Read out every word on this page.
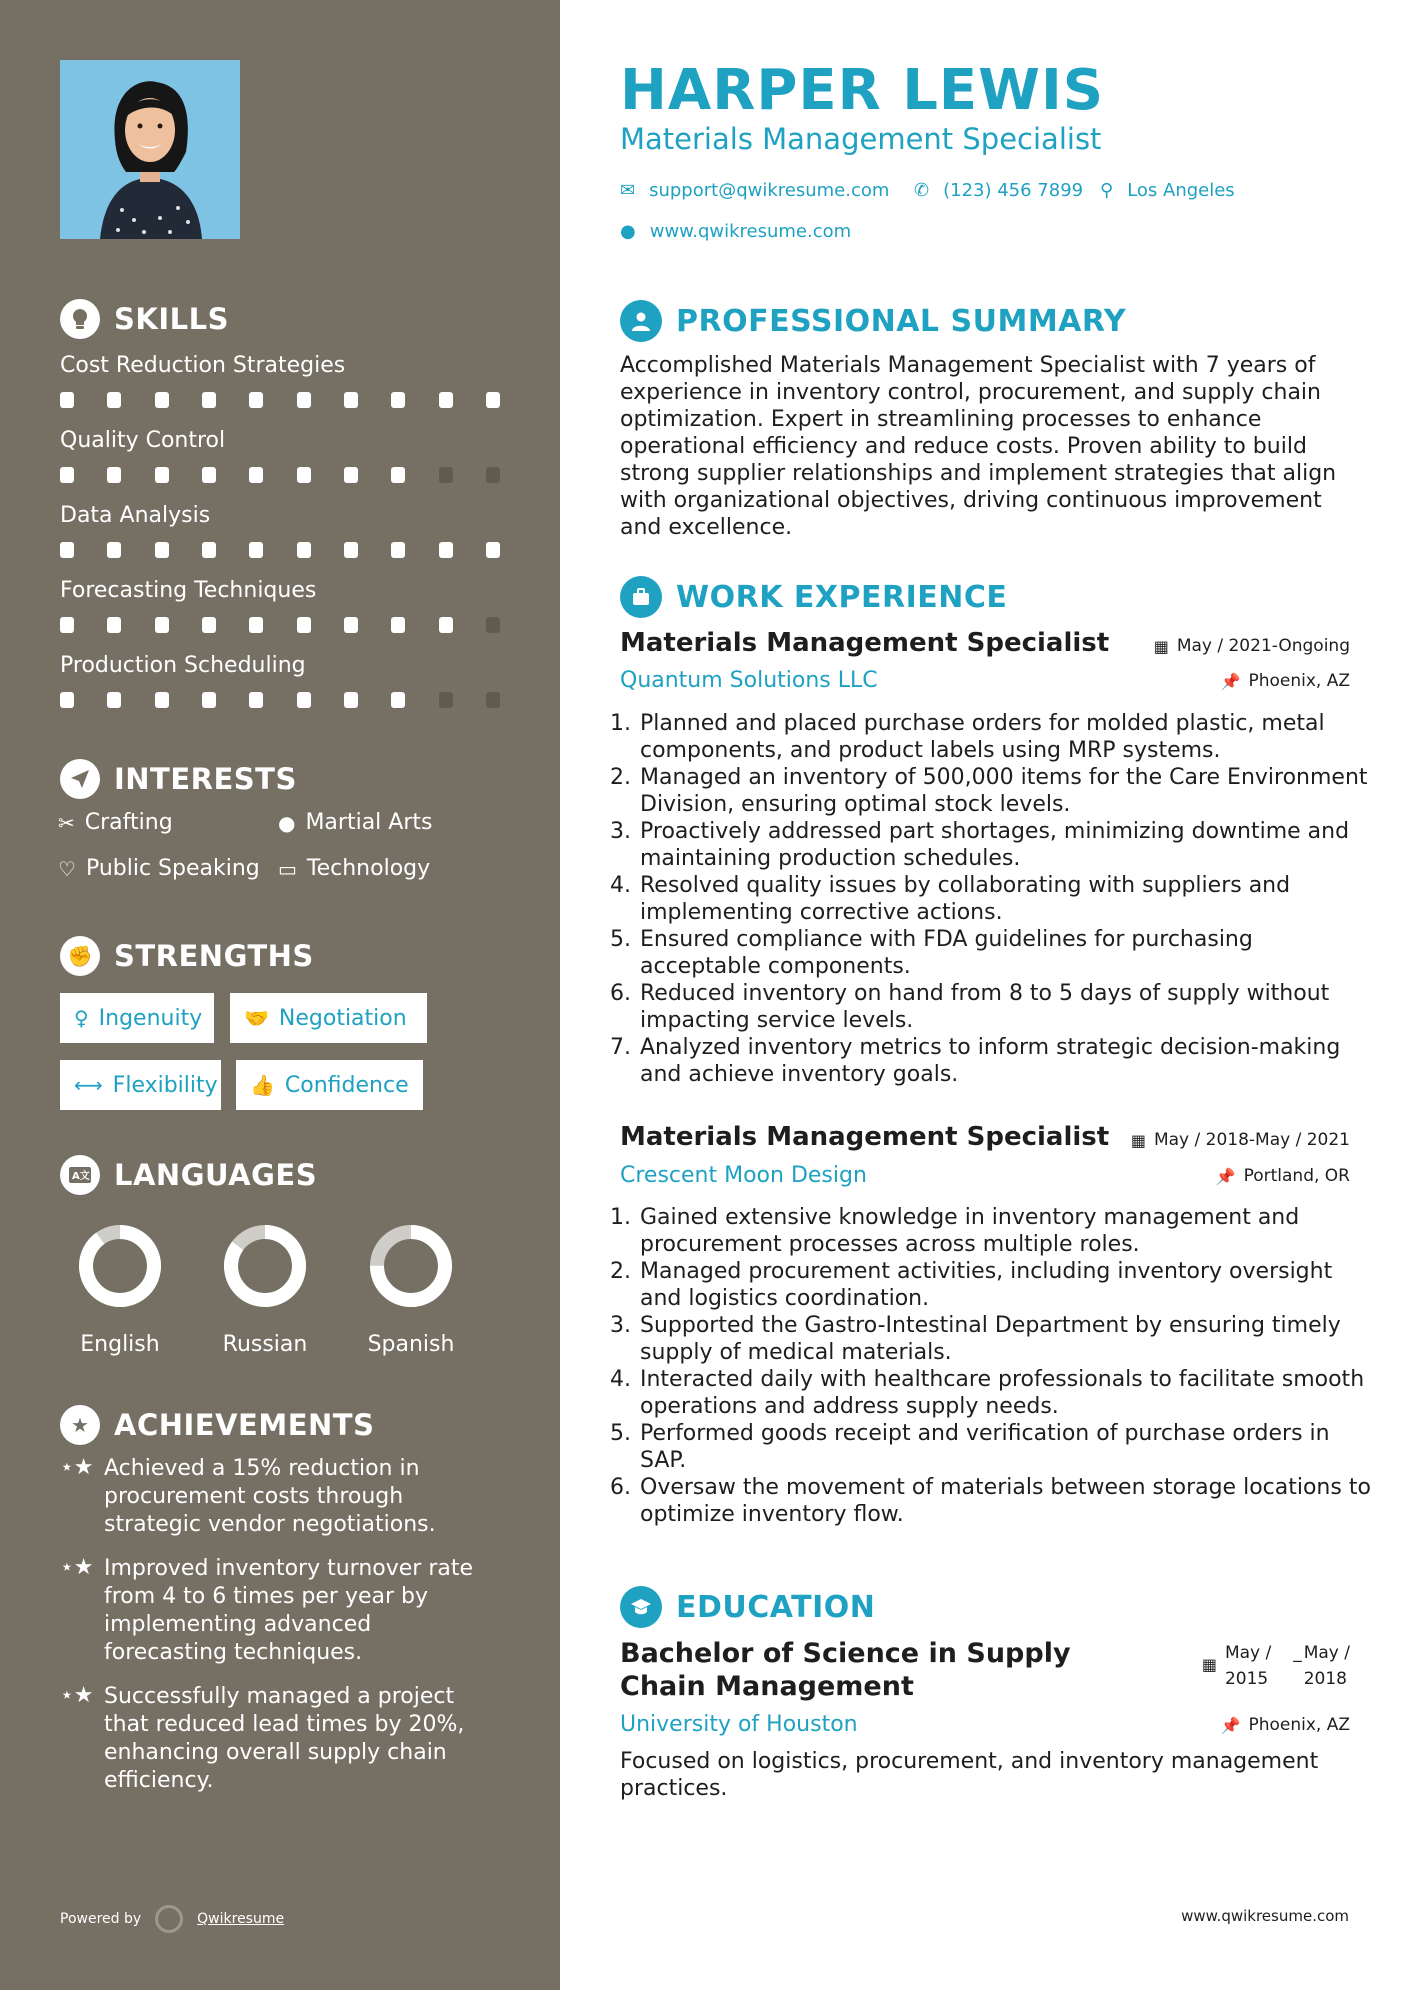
SKILLS
Cost Reduction Strategies
Quality Control
Data Analysis
Forecasting Techniques
Production Scheduling
INTERESTS
✂ Crafting	● Martial Arts
♡ Public Speaking ▭ Technology
✊ STRENGTHS
♀ Ingenuity 🤝 Negotiation
⟷ Flexibility 👍 Confidence
A文 LANGUAGES
English	Russian	Spanish
★ ACHIEVEMENTS
⋆★ Achieved a 15% reduction in procurement costs through strategic vendor negotiations.
⋆★ Improved inventory turnover rate from 4 to 6 times per year by implementing advanced forecasting techniques.
⋆★ Successfully managed a project that reduced lead times by 20%, enhancing overall supply chain efficiency.
Powered by	Qwikresume
HARPER LEWIS
Materials Management Specialist
✉ support@qwikresume.com ✆ (123) 456 7899 ⚲ Los Angeles
● www.qwikresume.com
PROFESSIONAL SUMMARY
Accomplished Materials Management Specialist with 7 years of experience in inventory control, procurement, and supply chain optimization. Expert in streamlining processes to enhance operational efficiency and reduce costs. Proven ability to build strong supplier relationships and implement strategies that align with organizational objectives, driving continuous improvement and excellence.
WORK EXPERIENCE
Materials Management Specialist	▦ May / 2021-Ongoing
Quantum Solutions LLC	📌 Phoenix, AZ
1. Planned and placed purchase orders for molded plastic, metal components, and product labels using MRP systems.
2. Managed an inventory of 500,000 items for the Care Environment Division, ensuring optimal stock levels.
3. Proactively addressed part shortages, minimizing downtime and maintaining production schedules.
4. Resolved quality issues by collaborating with suppliers and implementing corrective actions.
5. Ensured compliance with FDA guidelines for purchasing acceptable components.
6. Reduced inventory on hand from 8 to 5 days of supply without impacting service levels.
7. Analyzed inventory metrics to inform strategic decision-making and achieve inventory goals.
Materials Management Specialist ▦ May / 2018-May / 2021
Crescent Moon Design	📌 Portland, OR
1. Gained extensive knowledge in inventory management and procurement processes across multiple roles.
2. Managed procurement activities, including inventory oversight and logistics coordination.
3. Supported the Gastro-Intestinal Department by ensuring timely supply of medical materials.
4. Interacted daily with healthcare professionals to facilitate smooth operations and address supply needs.
5. Performed goods receipt and verification of purchase orders in SAP.
6. Oversaw the movement of materials between storage locations to optimize inventory flow.
EDUCATION
Bachelor of Science in Supply Chain Management
▦
May /
2015
_ May /
2018
University of Houston	📌 Phoenix, AZ
Focused on logistics, procurement, and inventory management practices.
www.qwikresume.com
